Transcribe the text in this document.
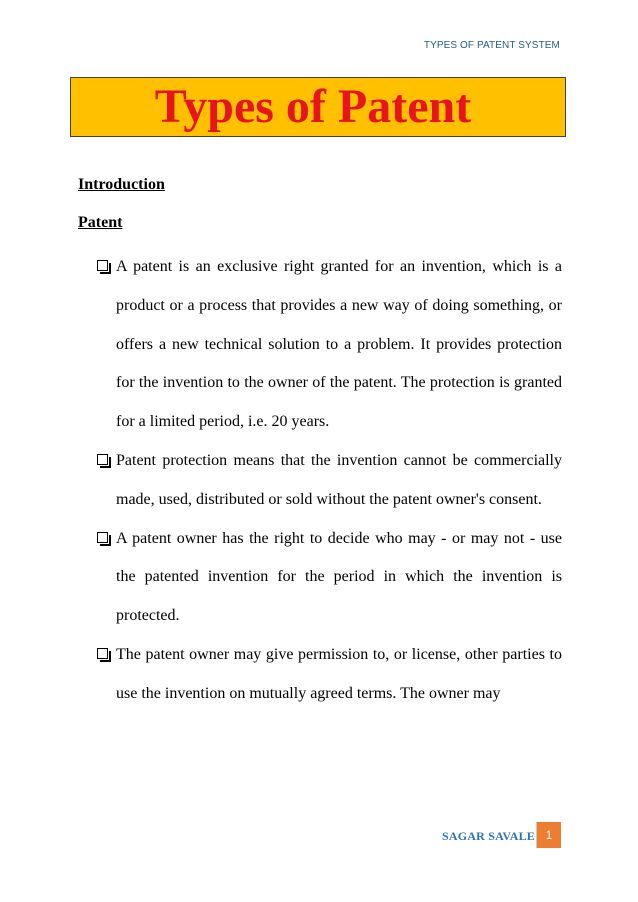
TYPES OF PATENT SYSTEM
Types of Patent
Introduction
Patent
A patent is an exclusive right granted for an invention, which is a product or a process that provides a new way of doing something, or offers a new technical solution to a problem. It provides protection for the invention to the owner of the patent. The protection is granted for a limited period, i.e. 20 years.
Patent protection means that the invention cannot be commercially made, used, distributed or sold without the patent owner's consent.
A patent owner has the right to decide who may - or may not - use the patented invention for the period in which the invention is protected.
The patent owner may give permission to, or license, other parties to use the invention on mutually agreed terms. The owner may
SAGAR SAVALE 1
